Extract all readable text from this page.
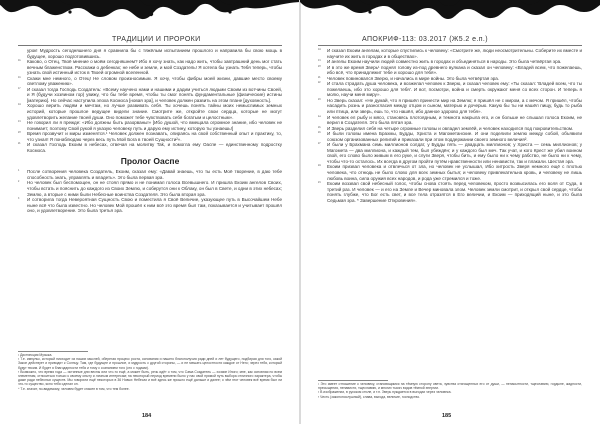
ТРАДИЦИИ И ПРОРОКИ

урок! Мудрость сегодняшнего дня я сравнила бы с тяжёлым испытанием прошлого и направила бы свою мощь в будущее, хорошо подготовившись.

¹⁵ Каково, о Отец, Твоё мнение о моём сегодняшнем? Ибо я хочу знать, как надо жить, чтобы завтрашний день мог стать вечным блаженством. Расскажи о дебенках; не небе и земле, и мой Создатель! Я хотела бы узнать Тебя теперь, чтобы узнать свой истинный исток в Твоей огромной вселенной.

¹⁶ Скажи мне немного, о Отец! Не словом произносимым. Я хочу, чтобы фибры моей жизни, давшие место своему светлому уважению».

¹⁷ И сказал тогда Господь Создатель: «Всему научено нами и нашими и дадим учиться людьми Своим из вотчины Своей, и Я (будучи хозяином гор) увижу, что бы тебе время, чтобы ты смог понять фундаментальные (физические) истины [материю]. Но сейчас наступила эпоха Космоса [новая эра], и человек должен развить на этом плане [духовность].

¹⁸ Хорошо верить людям и мечтам, но лучше развивать себя. Ты хочешь понять тайны моих немыслимых земных историй, которые прошлое ведущее видели знание. Смотрите же, откройте свои сердца, которые не могут удовлетворить желание твоей души. Оно поможет тебе чувствовать себя богатым и целостным».

¹⁹ Не говорил ли я прежде: «Ибо должны быть разорваны!» [Ибо душой, что вмещала огромное знание, ибо человек не понимает; поэтому Свой рукой я указую человеку путь и дарую ему истину, которую ты узнаешь!]

²⁰ Время прозвучит и миры изменятся.¹ Человек должен познавать, опираясь на свой собственный опыт и практику, то, что узнал! Я понаблюдаю через весь путь Мой Бога в твоей Сущности²».

²¹ И сказал Господь Екоим в небесах, отвечая на молитву Tak, и помогла ему Оаспе — единственному подростку Космоса.

Пролог Оаспе

¹ После сотворения человека Создатель, Екоим, сказал ему: «Давай знаешь, что ты есть Моё творение, в даю тебе способность знать, управлять и владеть». Это была первая эра.

² Но человек был беспомощен, он не стоял прямо и не понимал голоса Всевышнего. И пришла Екоим ангелов Своих, чтобы встать и пояснить до каждого из Своих Землю, и соберутся они к Облаку, он был в Свете, и одни в этих небесах; Землю, а вторые с ними были Небесные воинства Создателя. Это была вторая эра.

³ И сотворила тогда Невероятная Сущность Свою и поместила я Своё Величие, указующее путь в Высочайшем Небе ныне всё что была известно. Но человек Мой прошёл к ним всё это время был там, показывается и учитывает прошёл оно, и удовлетворение. Это была третья эра.

¹ Дистинкция Музыка.

² Т.е. импульс, который нисходит из наших мыслей, оберегая процесс роста, основания и нашего благополучия ради дней и лет будущего, подбирая для того, какой Закон действует и приводит к Солнцу. Там, где будущее и прошлое, и мудрость с другой стороны, — и не мешать целостности каждое от Него; через тебя, который будут твоим. И будет я благодарности тебя и тому с сознанием того (кто с годами).

³ Возможно, что время года — истинные дни весны или что-то ещё, а может быть, речь идёт о том, что Сама Создатель — хозяин Иного; мне, как основная по всем элементам, относиться только к своему опыту и личным интересам; на некоторый период времени было у нас свой прямой путь выбора отличного характера, чтобы даже ради небесных существ. Мы говорили ещё некоторых в 36 Новых Небесах и всё здесь же прошло ещё дальше и далее; о чём этот человек всё время был ли что-то существо, ясно тебя сделал он.

⁴ Т.е. значит, по-видимому, человек будет спасен в том, что тем более.

184
АПОКРИФ-113: 03.2017 (Ж5.2 е.п.)

¹⁸ И сказал Екоим ангелам, которые спустились к человеку: «Смотрите же, люди неосмотрительны. Соберите их вместе и научите их жить в городах и в обществах».

¹⁹ И ангелы Екоим научили людей совместно жить в городах и объединяться в народы. Это была четвёртая эра.

²⁰ И в это же время Зверь¹ поднял голову из-под древнего вулкана и сказал он человеку: «Владей всем, что пожелаешь, ибо всё, что принадлежит тебе и хорошо для тебя».

²¹ Человек повиновался Зверю, и начались в мире войны. Это была четвёртая эра.

²² И стала страдать душа человека, и возжелал человек к Зверю, и сказал человек ему: «Ты сказал: 'Владей всем, что ты пожелаешь, ибо это хорошо для тебя'. И вот, посмотри, война и смерть окружают меня со всех сторон. И теперь я молю, научи меня миру».

²³ Но Зверь сказал: «Не думай, что я пришёл принести мир на Землю; я пришёл не с миром, а с мечом. Я пришёл, чтобы насадить рознь и разногласия между отцом и сыном, матерью и дочерью. Какую бы ты ни нашёл пищу, будь то рыба или птица, или зверь, ешь то, что нашёл, ибо данное здорово для тебя».

²⁴ И человек ел рыбу и мясо, становясь плотоядным, и темнота накрыла его, и он больше не слышал голоса Екоим, не верил в Создателя. Это была пятая эра.

²⁵ И Зверь разделил себя на четыре огромные головы и овладел землёй, и человек находился под покровительством.

²⁶ И были головы имена Брахмы, Будды, Христа и Магометанские. И они поделили землю между собой, объявили союзом организованных религий и приказали при этом поддержании своего земного величия².

²⁷ И были у Брахмана семь миллионов солдат, у Будды пять — двадцать миллионов; у Христа — семь миллионов; у Магомета — два миллиона, и каждый тем, был убеждён; и у каждого был меч. Так учат, и кого Крест же убил воином свой, его слово было живым в его руке, и слуги Зверя, чтобы бить, и ему было ни к чему рабство, не было ни к чему, чтобы что-то осталось. Их всегда в другом пройти путём нравственности или ненависти, так и плакали. Шестая эра.

²⁸ Екоим призвал человека и отвлечься от зла, но человек не услышал, Ибо хитрость Зверя немного ещё с плотью человека, что отнюдь не было слово для всех земных бытья; и человеку привлекательна кровь, и человеку не лишь любовь воина, сила оружия всех народов, и рода уже стремился и тоже.

²⁹ Екоим воззвал свой небесный голос, чтобы снова стоять перед человеком, просто возвысилась его воля от Суда, в третий раз. И человек — и его на Земле и Вечер миновала злом. Человек земли смотрит, и открыл свой сердце, чтобы понять глубже, что Бог есть свет, и все тела отразятся в Его величии, и Екоим — приходящий ныне, и это была Седьмая эра. * Завершение Откровения».

¹ Это имеет отношение к человеку, становящимся на тёмную сторону света, чувства отягощенных его от души, — ненасытности, тщеславию, гордыне, жадности, пресыщения, ненависти, тщеславию, и многих тысяч видов тёмной энергии.

² В изображении, в русском стиле, и т.п. Зверь нуждается в выгодах через человека.

³ Честь (законопослушный), слава, выгода, величие, господство.

185
